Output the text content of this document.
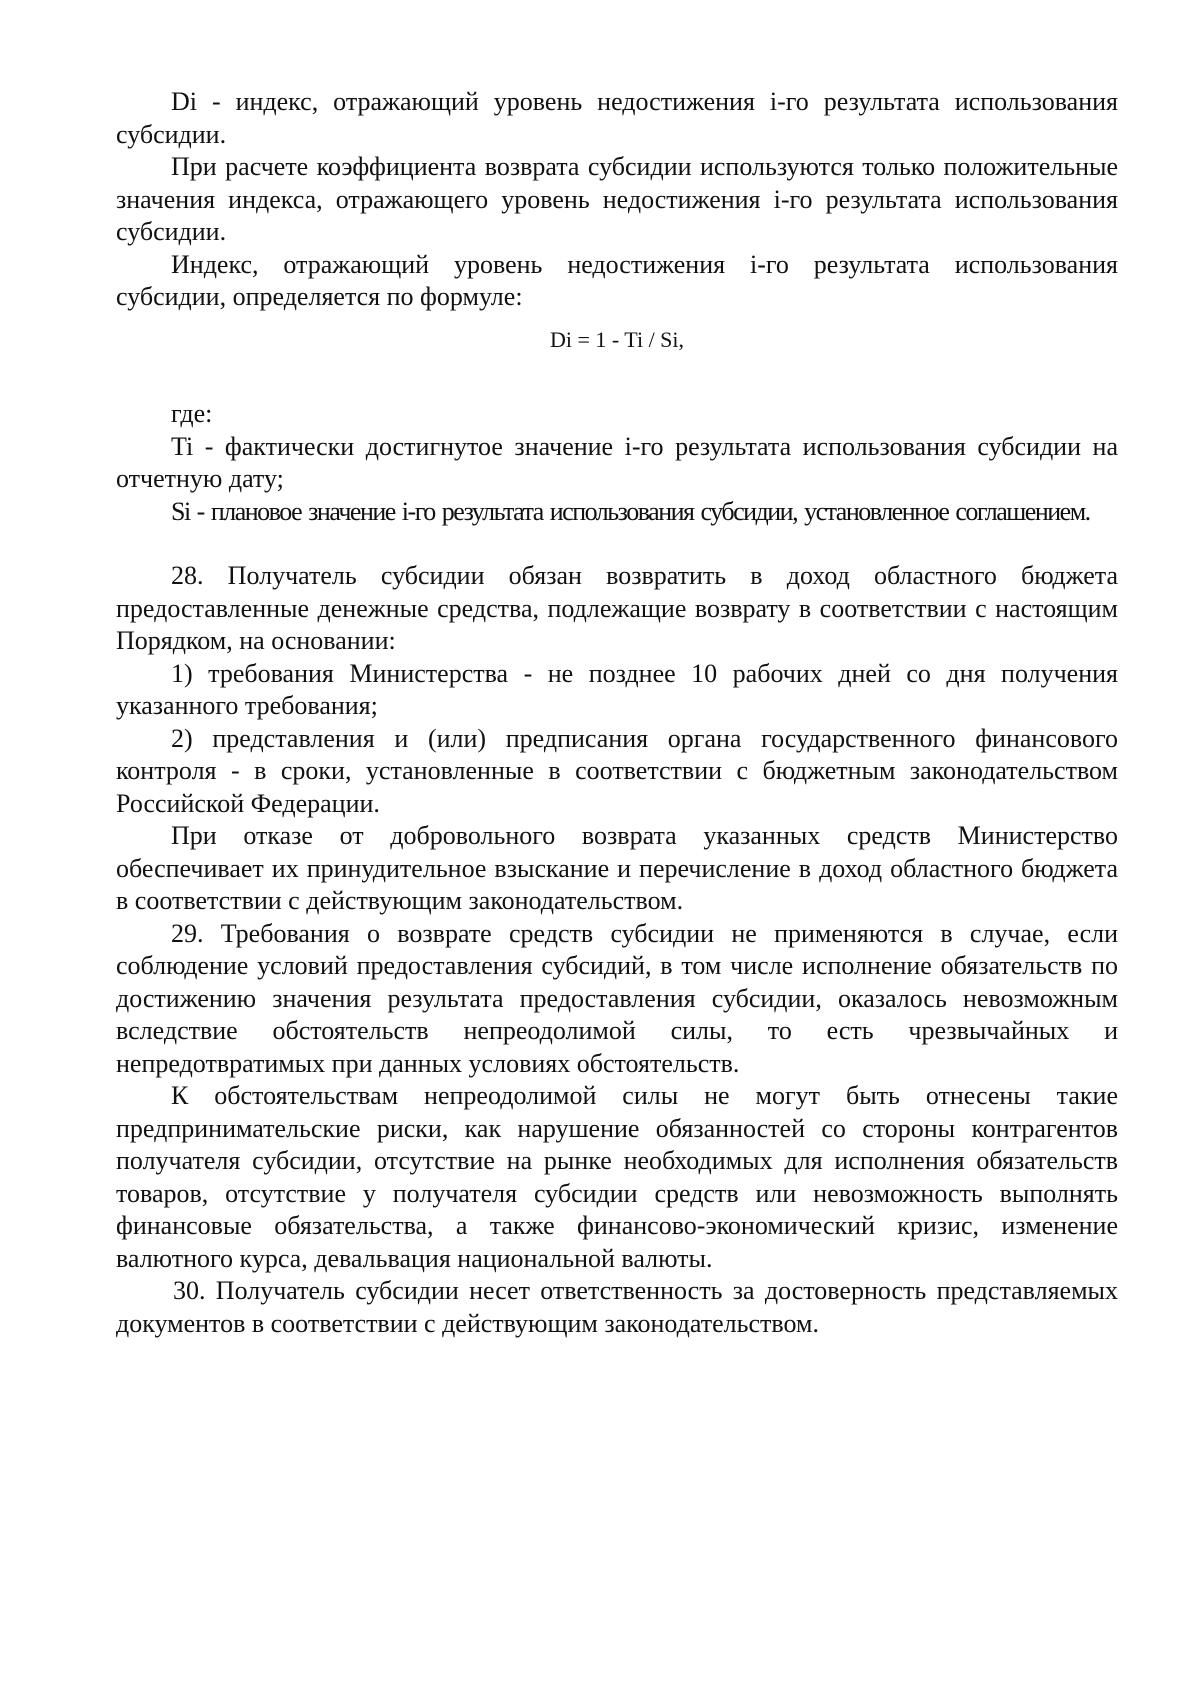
Di - индекс, отражающий уровень недостижения i-го результата использования субсидии.

При расчете коэффициента возврата субсидии используются только положительные значения индекса, отражающего уровень недостижения i-го результата использования субсидии.

Индекс, отражающий уровень недостижения i-го результата использования субсидии, определяется по формуле:

Di = 1 - Ti / Si,

где:

Ti - фактически достигнутое значение i-го результата использования субсидии на отчетную дату;

Si - плановое значение i-го результата использования субсидии, установленное соглашением.

28. Получатель субсидии обязан возвратить в доход областного бюджета предоставленные денежные средства, подлежащие возврату в соответствии с настоящим Порядком, на основании:

1) требования Министерства - не позднее 10 рабочих дней со дня получения указанного требования;

2) представления и (или) предписания органа государственного финансового контроля - в сроки, установленные в соответствии с бюджетным законодательством Российской Федерации.

При отказе от добровольного возврата указанных средств Министерство обеспечивает их принудительное взыскание и перечисление в доход областного бюджета в соответствии с действующим законодательством.

29. Требования о возврате средств субсидии не применяются в случае, если соблюдение условий предоставления субсидий, в том числе исполнение обязательств по достижению значения результата предоставления субсидии, оказалось невозможным вследствие обстоятельств непреодолимой силы, то есть чрезвычайных и непредотвратимых при данных условиях обстоятельств.

К обстоятельствам непреодолимой силы не могут быть отнесены такие предпринимательские риски, как нарушение обязанностей со стороны контрагентов получателя субсидии, отсутствие на рынке необходимых для исполнения обязательств товаров, отсутствие у получателя субсидии средств или невозможность выполнять финансовые обязательства, а также финансово-экономический кризис, изменение валютного курса, девальвация национальной валюты.

30. Получатель субсидии несет ответственность за достоверность представляемых документов в соответствии с действующим законодательством.
